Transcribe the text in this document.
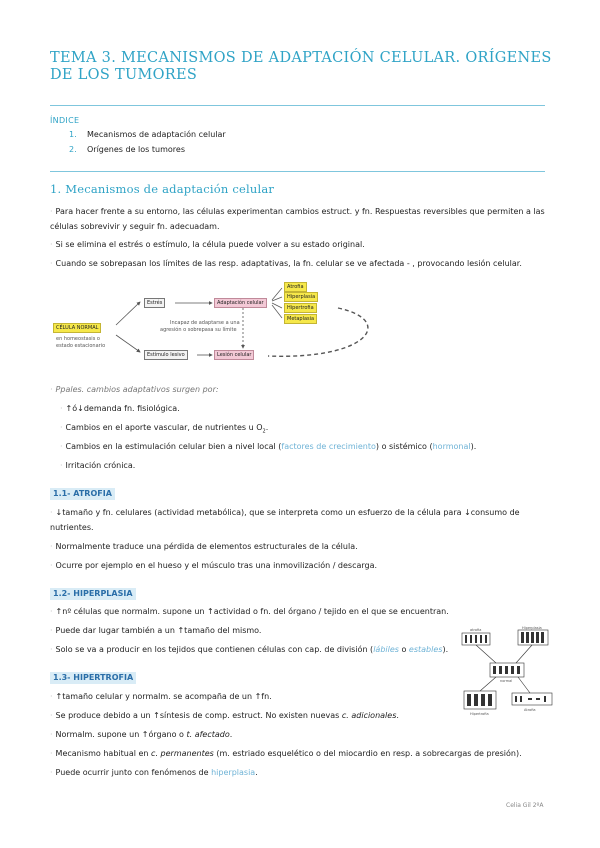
TEMA 3. MECANISMOS DE ADAPTACIÓN CELULAR. ORÍGENES DE LOS TUMORES
ÍNDICE
1. Mecanismos de adaptación celular
2. Orígenes de los tumores
1. Mecanismos de adaptación celular
· Para hacer frente a su entorno, las células experimentan cambios estruct. y fn. Respuestas reversibles que permiten a las
células sobrevivir y seguir fn. adecuadam.
· Si se elimina el estrés o estímulo, la célula puede volver a su estado original.
· Cuando se sobrepasan los límites de las resp. adaptativas, la fn. celular se ve afectada - , provocando lesión celular.
CÉLULA NORMAL
en homeostasis o
estado estacionario
Estrés	Adaptación celular
Incapaz de adaptarse a una
agresión o sobrepasa su límite
Estímulo lesivo	Lesión celular
Atrofia
Hiperplasia
Hipertrofia
Metaplasia
· Ppales. cambios adaptativos surgen por:
· ↑ó↓demanda fn. fisiológica.
· Cambios en el aporte vascular, de nutrientes u $O_2$.
· Cambios en la estimulación celular bien a nivel local (factores de crecimiento) o sistémico (hormonal).
· Irritación crónica.
1.1- ATROFIA
· ↓tamaño y fn. celulares (actividad metabólica), que se interpreta como un esfuerzo de la célula para ↓consumo de
nutrientes.
· Normalmente traduce una pérdida de elementos estructurales de la célula.
· Ocurre por ejemplo en el hueso y el músculo tras una inmovilización / descarga.
1.2- HIPERPLASIA
· ↑nº células que normalm. supone un ↑actividad o fn. del órgano / tejido en el que se encuentran.
· Puede dar lugar también a un ↑tamaño del mismo.
· Solo se va a producir en los tejidos que contienen células con cap. de división (lábiles o estables).
1.3- HIPERTROFIA
· ↑tamaño celular y normalm. se acompaña de un ↑fn.
· Se produce debido a un ↑síntesis de comp. estruct. No existen nuevas c. adicionales.
· Normalm. supone un ↑órgano o t. afectado.
· Mecanismo habitual en c. permanentes (m. estriado esquelético o del miocardio en resp. a sobrecargas de presión).
· Puede ocurrir junto con fenómenos de hiperplasia.
atrofia	Hiperplasia
normal
Hipertrofia
Atrofia
Celia Gil 2ºA
